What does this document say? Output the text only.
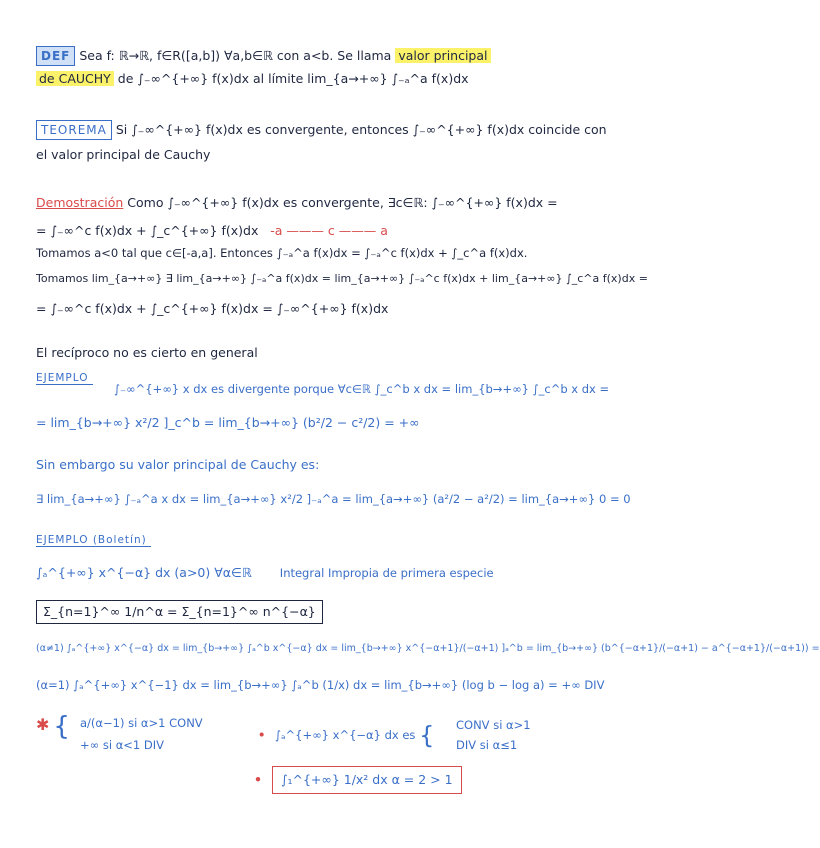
DEF Sea f: ℝ→ℝ, f∈R([a,b]) ∀a,b∈ℝ con a<b. Se llama valor principal
de CAUCHY de ∫₋∞^{+∞} f(x)dx al límite lim_{a→+∞} ∫₋ₐ^a f(x)dx
TEOREMA Si ∫₋∞^{+∞} f(x)dx es convergente, entonces ∫₋∞^{+∞} f(x)dx coincide con
el valor principal de Cauchy
Demostración Como ∫₋∞^{+∞} f(x)dx es convergente, ∃c∈ℝ: ∫₋∞^{+∞} f(x)dx =
= ∫₋∞^c f(x)dx + ∫_c^{+∞} f(x)dx -a ——— c ——— a
Tomamos a<0 tal que c∈[-a,a]. Entonces ∫₋ₐ^a f(x)dx = ∫₋ₐ^c f(x)dx + ∫_c^a f(x)dx.
Tomamos lim_{a→+∞} ∃ lim_{a→+∞} ∫₋ₐ^a f(x)dx = lim_{a→+∞} ∫₋ₐ^c f(x)dx + lim_{a→+∞} ∫_c^a f(x)dx =
= ∫₋∞^c f(x)dx + ∫_c^{+∞} f(x)dx = ∫₋∞^{+∞} f(x)dx
El recíproco no es cierto en general
EJEMPLO
∫₋∞^{+∞} x dx es divergente porque ∀c∈ℝ ∫_c^b x dx = lim_{b→+∞} ∫_c^b x dx =
= lim_{b→+∞} x²/2 ]_c^b = lim_{b→+∞} (b²/2 − c²/2) = +∞
Sin embargo su valor principal de Cauchy es:
∃ lim_{a→+∞} ∫₋ₐ^a x dx = lim_{a→+∞} x²/2 ]₋ₐ^a = lim_{a→+∞} (a²/2 − a²/2) = lim_{a→+∞} 0 = 0
EJEMPLO (Boletín)
∫ₐ^{+∞} x^{−α} dx (a>0) ∀α∈ℝ Integral Impropia de primera especie
Σ_{n=1}^∞ 1/n^α = Σ_{n=1}^∞ n^{−α}
(α≠1) ∫ₐ^{+∞} x^{−α} dx = lim_{b→+∞} ∫ₐ^b x^{−α} dx = lim_{b→+∞} x^{−α+1}/(−α+1) ]ₐ^b = lim_{b→+∞} (b^{−α+1}/(−α+1) − a^{−α+1}/(−α+1)) =
(α=1) ∫ₐ^{+∞} x^{−1} dx = lim_{b→+∞} ∫ₐ^b (1/x) dx = lim_{b→+∞} (log b − log a) = +∞ DIV
✱ { a/(α−1) si α>1 CONV
+∞ si α<1 DIV
• ∫ₐ^{+∞} x^{−α} dx es {	CONV si α>1
DIV si α≤1
• ∫₁^{+∞} 1/x² dx α = 2 > 1
